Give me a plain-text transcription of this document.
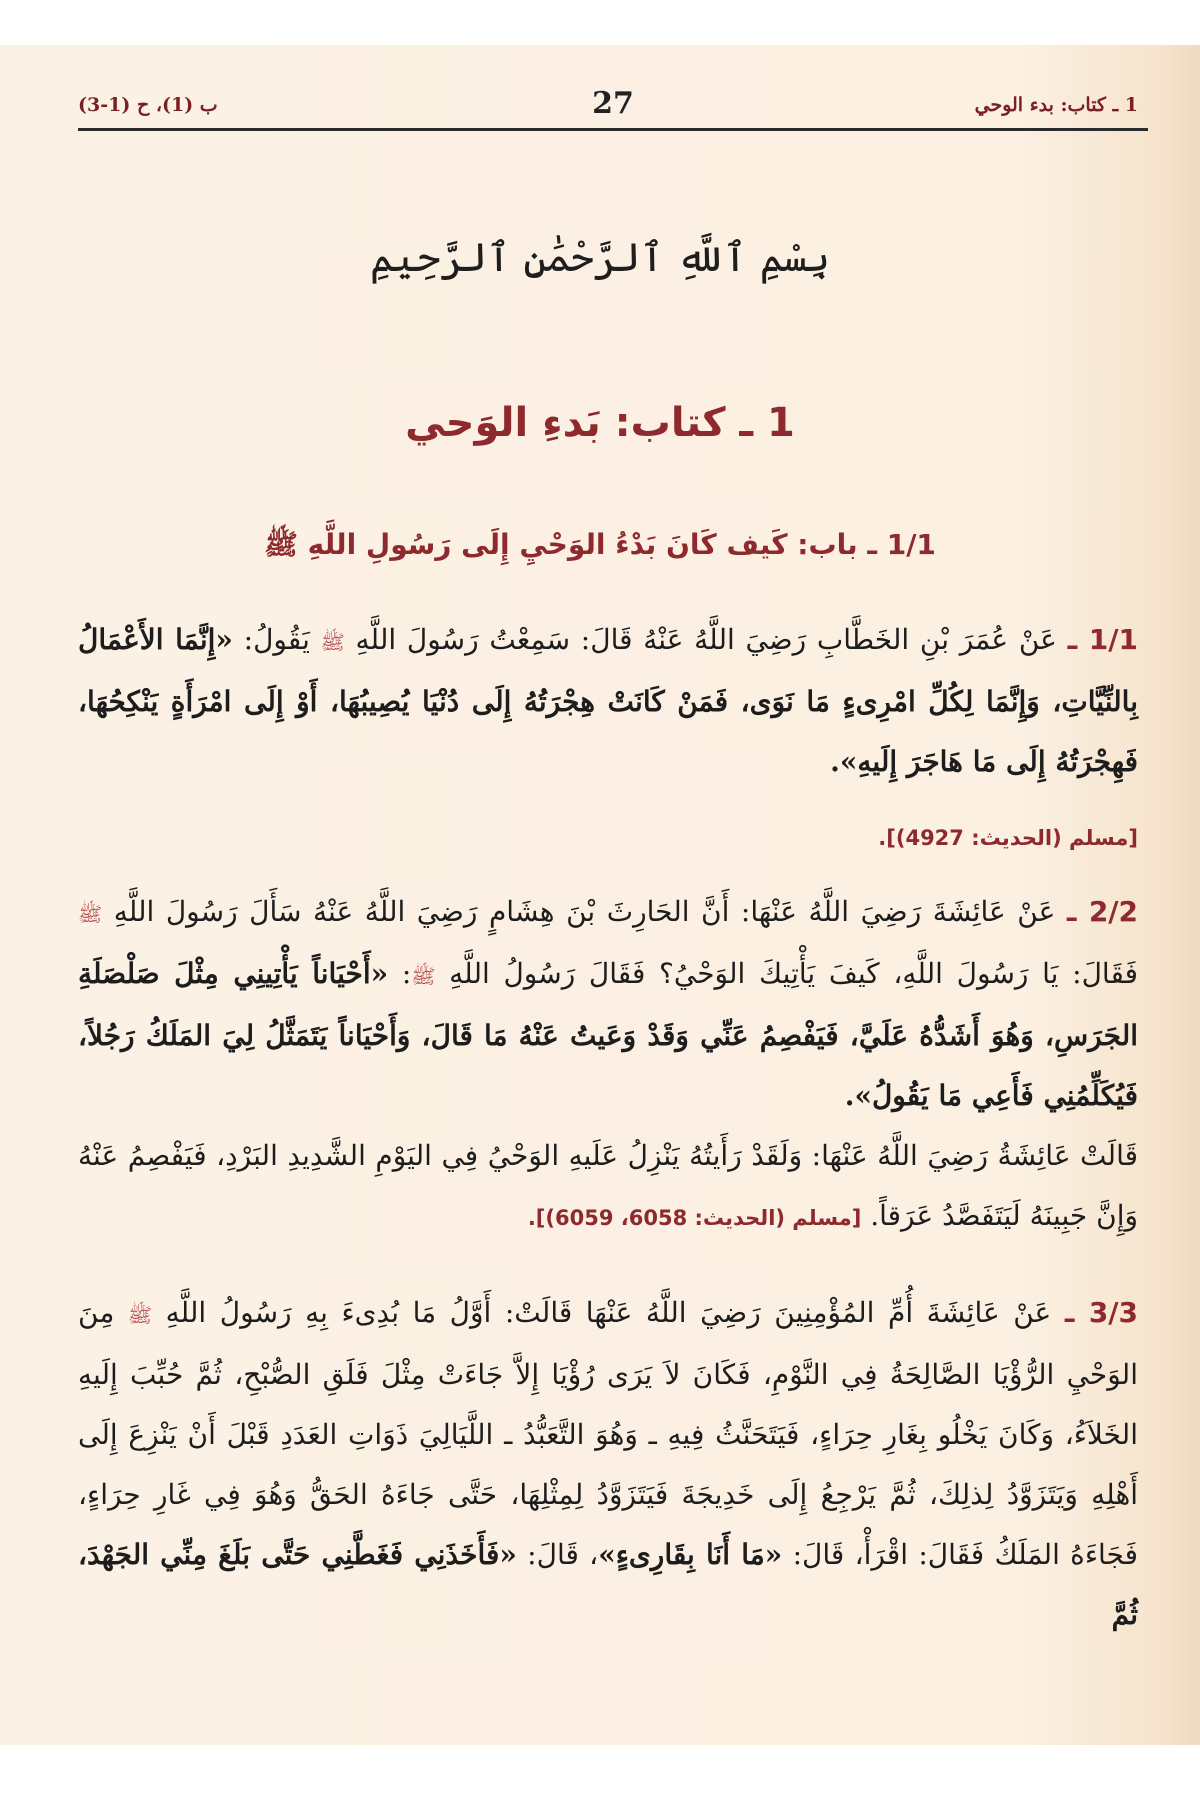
1 ـ كتاب: بدء الوحي
27
ب (1)، ح (1-3)
بِسْمِ ٱللَّهِ ٱلرَّحْمَٰنِ ٱلرَّحِيمِ
1 ـ كتاب: بَدءِ الوَحي
1/1 ـ باب: كَيف كَانَ بَدْءُ الوَحْيِ إِلَى رَسُولِ اللَّهِ ﷺ
1/1 ـ عَنْ عُمَرَ بْنِ الخَطَّابِ رَضِيَ اللَّهُ عَنْهُ قَالَ: سَمِعْتُ رَسُولَ اللَّهِ ﷺ يَقُولُ: «إِنَّمَا الأَعْمَالُ بِالنِّيَّاتِ، وَإِنَّمَا لِكُلِّ امْرِىءٍ مَا نَوَى، فَمَنْ كَانَتْ هِجْرَتُهُ إِلَى دُنْيَا يُصِيبُهَا، أَوْ إِلَى امْرَأَةٍ يَنْكِحُهَا، فَهِجْرَتُهُ إِلَى مَا هَاجَرَ إِلَيهِ».
[مسلم (الحديث: 4927)].
2/2 ـ عَنْ عَائِشَةَ رَضِيَ اللَّهُ عَنْهَا: أَنَّ الحَارِثَ بْنَ هِشَامٍ رَضِيَ اللَّهُ عَنْهُ سَأَلَ رَسُولَ اللَّهِ ﷺ فَقَالَ: يَا رَسُولَ اللَّهِ، كَيفَ يَأْتِيكَ الوَحْيُ؟ فَقَالَ رَسُولُ اللَّهِ ﷺ: «أَحْيَاناً يَأْتِينِي مِثْلَ صَلْصَلَةِ الجَرَسِ، وَهُوَ أَشَدُّهُ عَلَيَّ، فَيَفْصِمُ عَنِّي وَقَدْ وَعَيتُ عَنْهُ مَا قَالَ، وَأَحْيَاناً يَتَمَثَّلُ لِيَ المَلَكُ رَجُلاً، فَيُكَلِّمُنِي فَأَعِي مَا يَقُولُ».
قَالَتْ عَائِشَةُ رَضِيَ اللَّهُ عَنْهَا: وَلَقَدْ رَأَيتُهُ يَنْزِلُ عَلَيهِ الوَحْيُ فِي اليَوْمِ الشَّدِيدِ البَرْدِ، فَيَفْصِمُ عَنْهُ وَإِنَّ جَبِينَهُ لَيَتَفَصَّدُ عَرَقاً. [مسلم (الحديث: 6058، 6059)].
3/3 ـ عَنْ عَائِشَةَ أُمِّ المُؤْمِنِينَ رَضِيَ اللَّهُ عَنْهَا قَالَتْ: أَوَّلُ مَا بُدِىءَ بِهِ رَسُولُ اللَّهِ ﷺ مِنَ الوَحْيِ الرُّؤْيَا الصَّالِحَةُ فِي النَّوْمِ، فَكَانَ لاَ يَرَى رُؤْيَا إِلاَّ جَاءَتْ مِثْلَ فَلَقِ الصُّبْحِ، ثُمَّ حُبِّبَ إِلَيهِ الخَلاَءُ، وَكَانَ يَخْلُو بِغَارِ حِرَاءٍ، فَيَتَحَنَّثُ فِيهِ ـ وَهُوَ التَّعَبُّدُ ـ اللَّيَالِيَ ذَوَاتِ العَدَدِ قَبْلَ أَنْ يَنْزِعَ إِلَى أَهْلِهِ وَيَتَزَوَّدُ لِذلِكَ، ثُمَّ يَرْجِعُ إِلَى خَدِيجَةَ فَيَتَزَوَّدُ لِمِثْلِهَا، حَتَّى جَاءَهُ الحَقُّ وَهُوَ فِي غَارِ حِرَاءٍ، فَجَاءَهُ المَلَكُ فَقَالَ: اقْرَأْ، قَالَ: «مَا أَنَا بِقَارِىءٍ»، قَالَ: «فَأَخَذَنِي فَغَطَّنِي حَتَّى بَلَغَ مِنِّي الجَهْدَ، ثُمَّ
